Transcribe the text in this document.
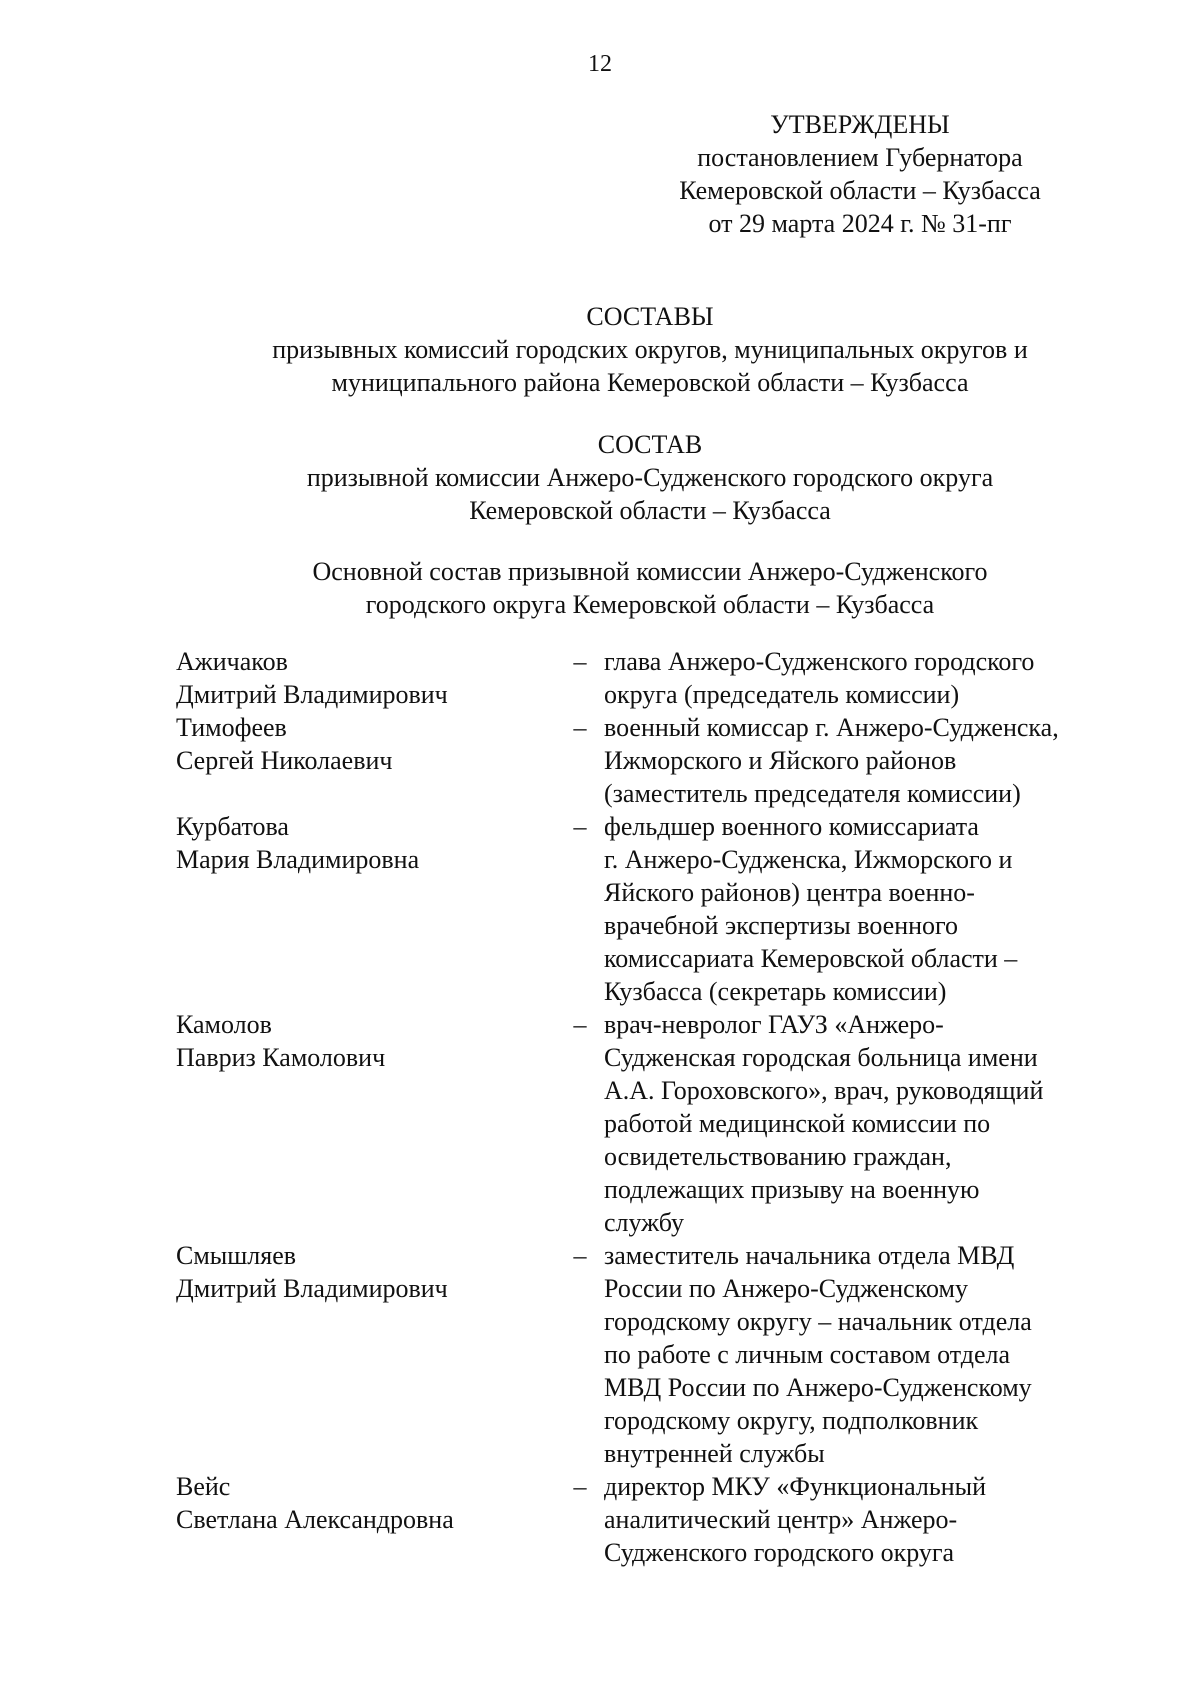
12
УТВЕРЖДЕНЫ
постановлением Губернатора
Кемеровской области – Кузбасса
от 29 марта 2024 г. № 31-пг
СОСТАВЫ
призывных комиссий городских округов, муниципальных округов и
муниципального района Кемеровской области – Кузбасса
СОСТАВ
призывной комиссии Анжеро-Судженского городского округа
Кемеровской области – Кузбасса
Основной состав призывной комиссии Анжеро-Судженского
городского округа Кемеровской области – Кузбасса
Ажичаков
Дмитрий Владимирович
– глава Анжеро-Судженского городского
округа (председатель комиссии)
Тимофеев
Сергей Николаевич
– военный комиссар г. Анжеро-Судженска,
Ижморского и Яйского районов
(заместитель председателя комиссии)
Курбатова
Мария Владимировна
– фельдшер военного комиссариата
г. Анжеро-Судженска, Ижморского и
Яйского районов) центра военно-
врачебной экспертизы военного
комиссариата Кемеровской области –
Кузбасса (секретарь комиссии)
Камолов
Павриз Камолович
– врач-невролог ГАУЗ «Анжеро-
Судженская городская больница имени
А.А. Гороховского», врач, руководящий
работой медицинской комиссии по
освидетельствованию граждан,
подлежащих призыву на военную
службу
Смышляев
Дмитрий Владимирович
– заместитель начальника отдела МВД
России по Анжеро-Судженскому
городскому округу – начальник отдела
по работе с личным составом отдела
МВД России по Анжеро-Судженскому
городскому округу, подполковник
внутренней службы
Вейс
Светлана Александровна
– директор МКУ «Функциональный
аналитический центр» Анжеро-
Судженского городского округа
